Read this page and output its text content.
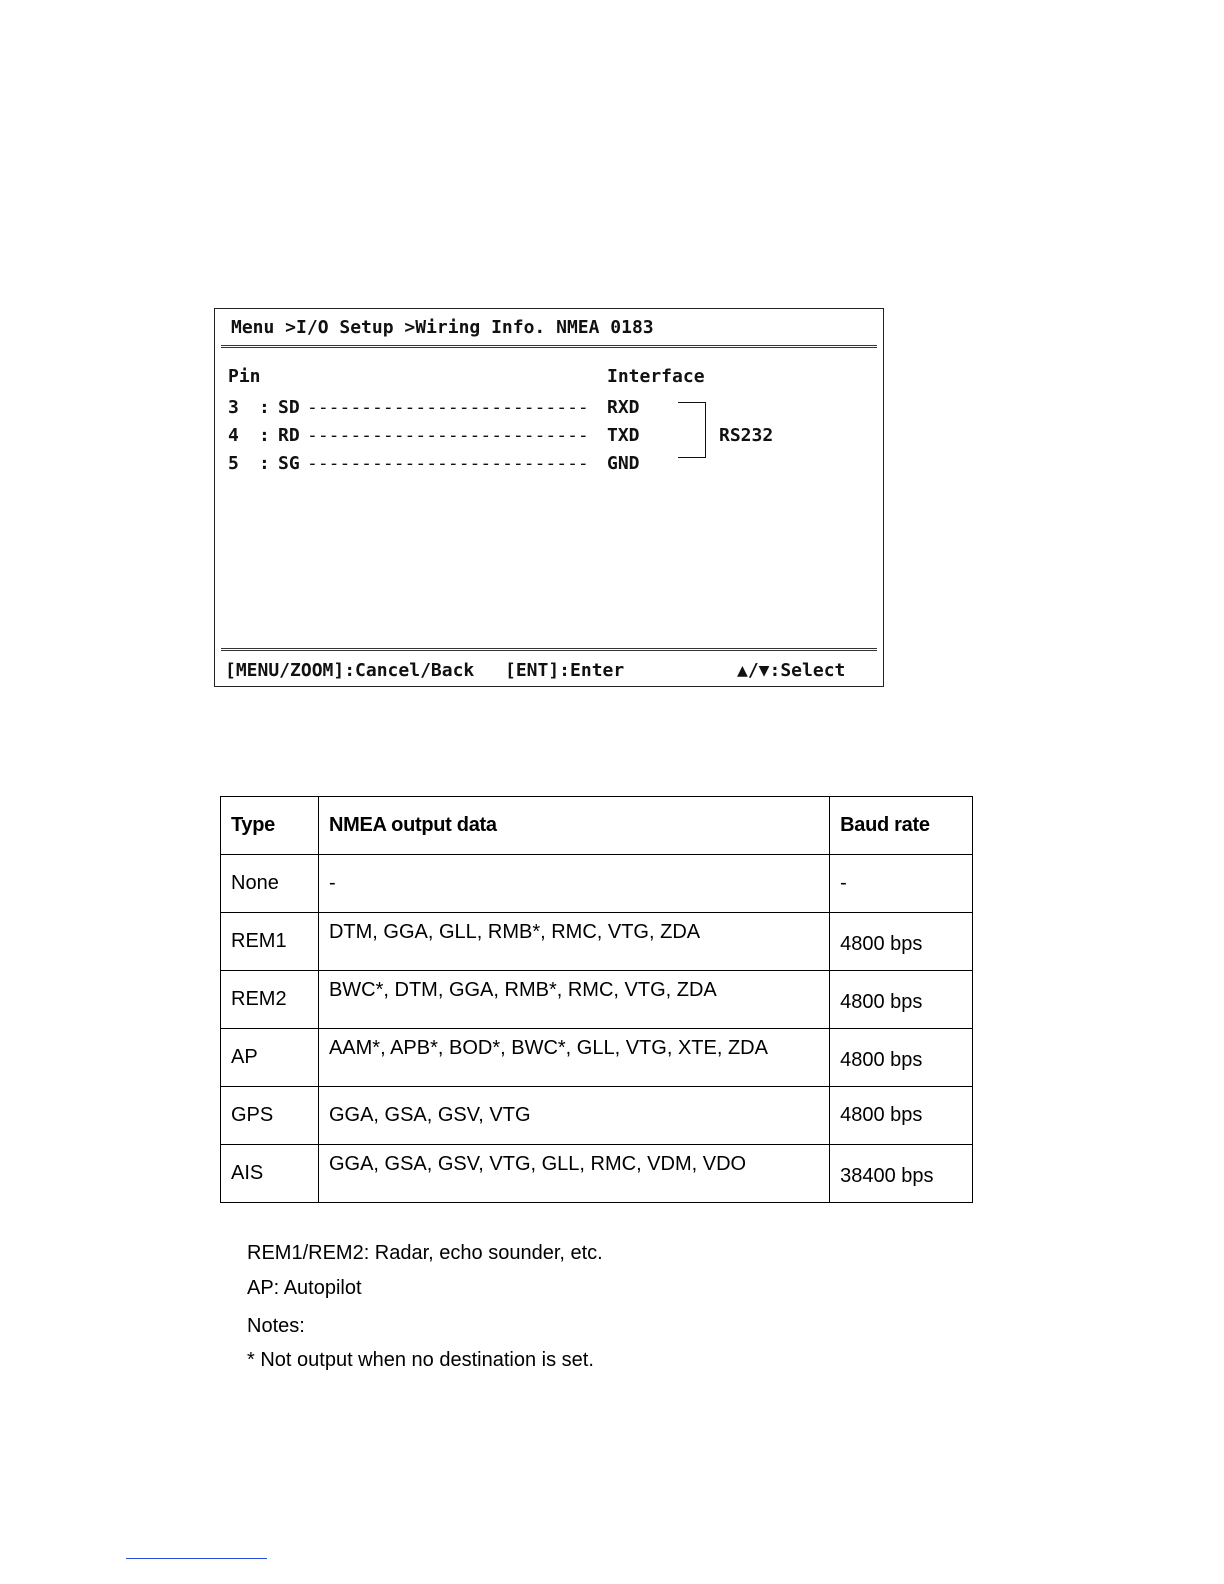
Menu >I/O Setup >Wiring Info. NMEA 0183
Pin	Interface
3 : SD -------------------------- RXD
4 : RD -------------------------- TXD
5 : SG -------------------------- GND
RS232
[MENU/ZOOM]:Cancel/Back [ENT]:Enter	▲/▼:Select
Type	NMEA output data	Baud rate
None	-	-
REM1	DTM, GGA, GLL, RMB*, RMC, VTG, ZDA	4800 bps
REM2	BWC*, DTM, GGA, RMB*, RMC, VTG, ZDA	4800 bps
AP	AAM*, APB*, BOD*, BWC*, GLL, VTG, XTE, ZDA	4800 bps
GPS	GGA, GSA, GSV, VTG	4800 bps
AIS	GGA, GSA, GSV, VTG, GLL, RMC, VDM, VDO	38400 bps
REM1/REM2: Radar, echo sounder, etc.
AP: Autopilot
Notes:
* Not output when no destination is set.
